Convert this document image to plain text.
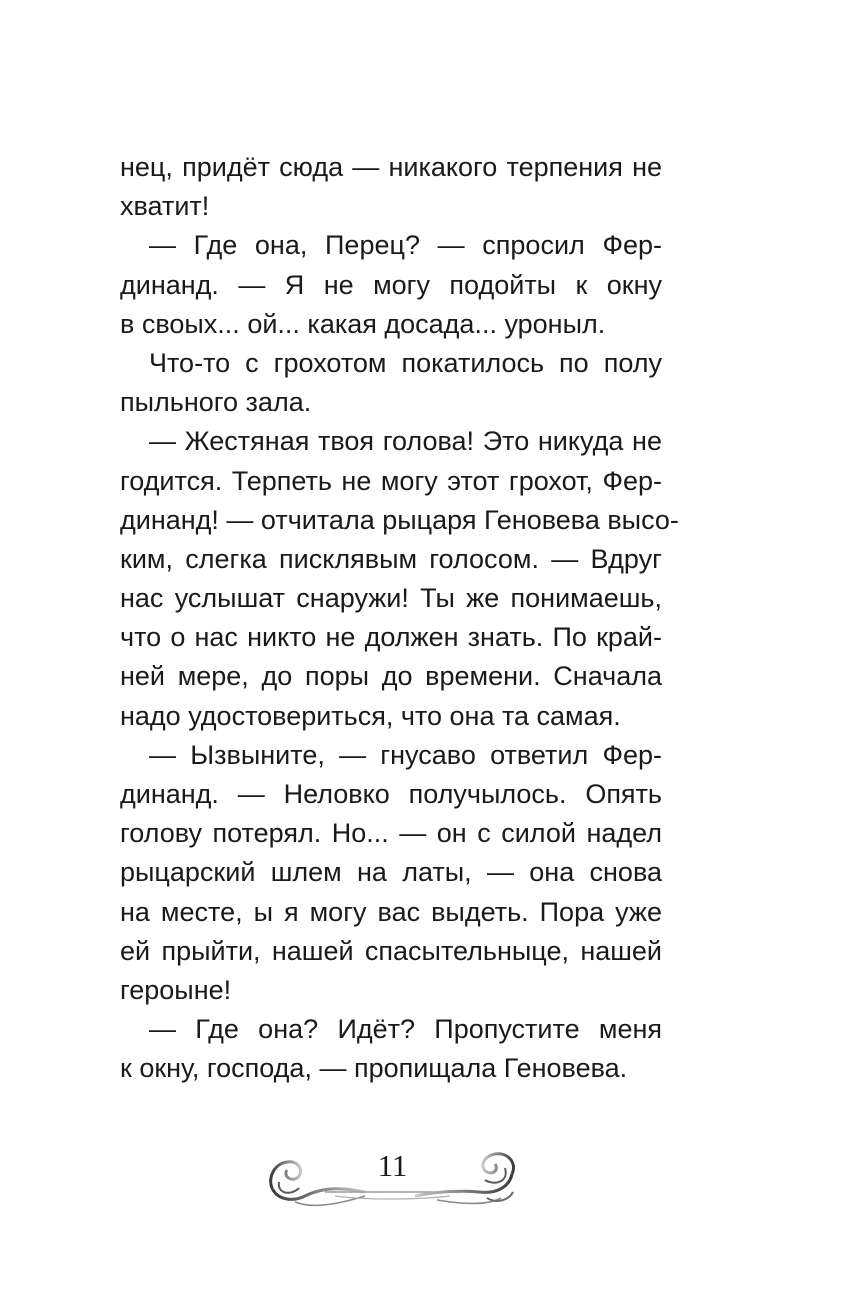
нец, придёт сюда — никакого терпения не
хватит!
— Где она, Перец? — спросил Фер-
динанд. — Я не могу подойты к окну
в своых... ой... какая досада... уроныл.
Что-то с грохотом покатилось по полу
пыльного зала.
— Жестяная твоя голова! Это никуда не
годится. Терпеть не могу этот грохот, Фер-
динанд! — отчитала рыцаря Геновева высо-
ким, слегка писклявым голосом. — Вдруг
нас услышат снаружи! Ты же понимаешь,
что о нас никто не должен знать. По край-
ней мере, до поры до времени. Сначала
надо удостовериться, что она та самая.
— Ызвыните, — гнусаво ответил Фер-
динанд. — Неловко получылось. Опять
голову потерял. Но... — он с силой надел
рыцарский шлем на латы, — она снова
на месте, ы я могу вас выдеть. Пора уже
ей прыйти, нашей спасытельныце, нашей
героыне!
— Где она? Идёт? Пропустите меня
к окну, господа, — пропищала Геновева.
11
